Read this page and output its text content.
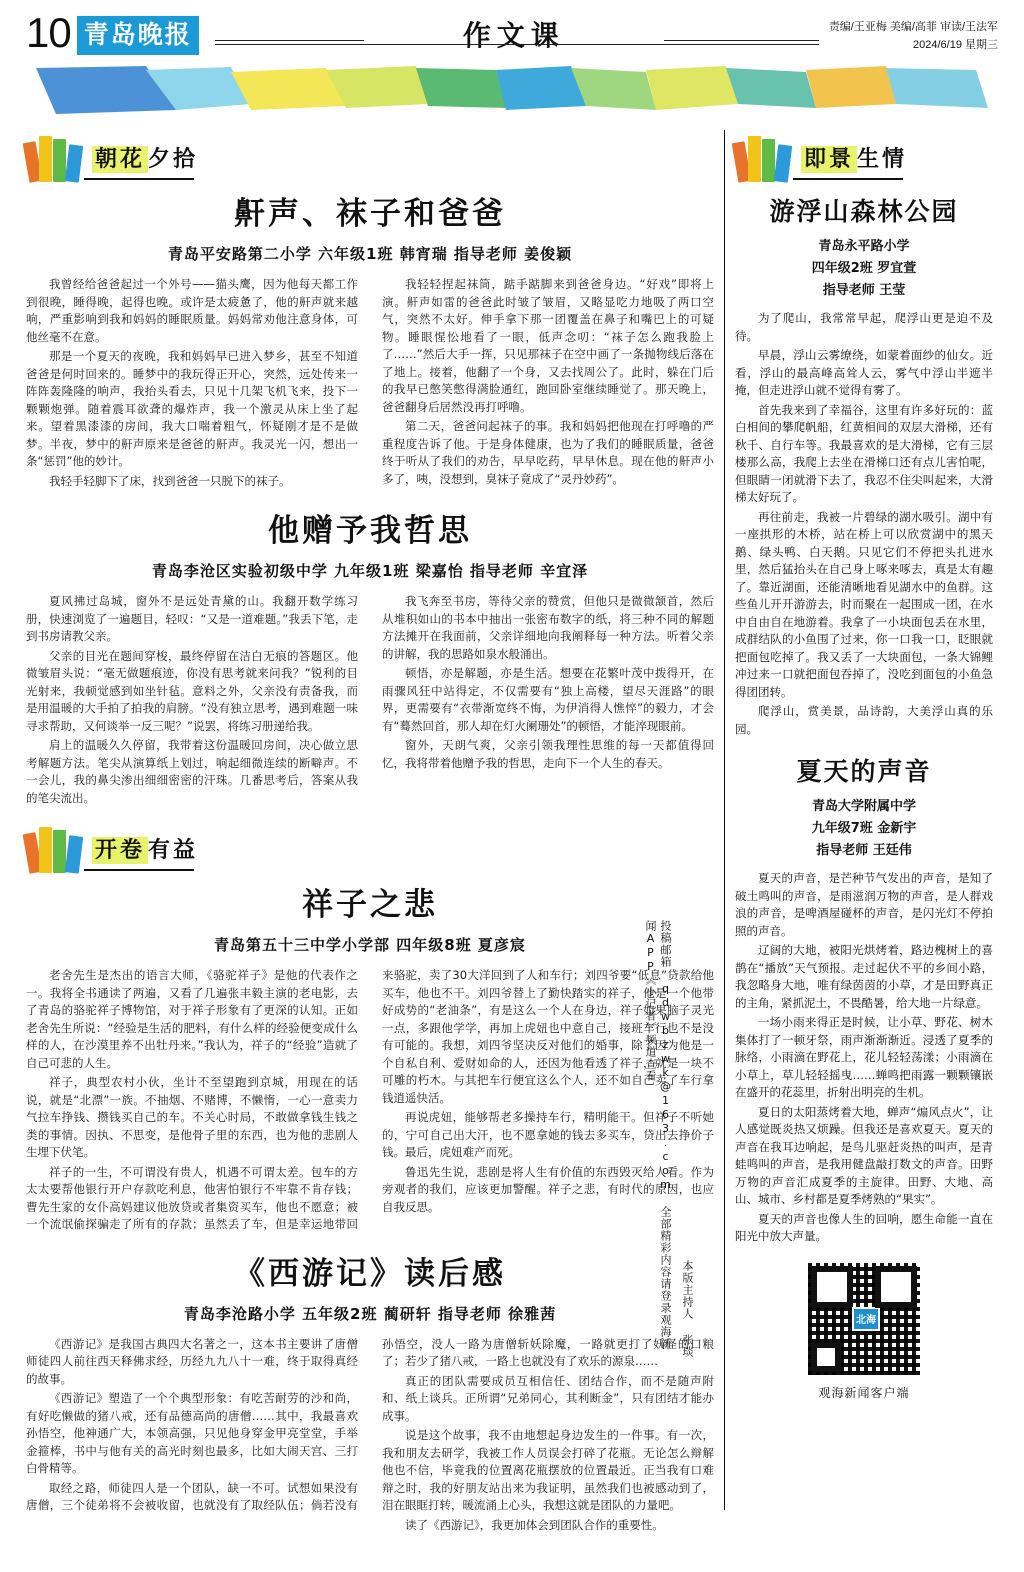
10 青岛晚报	作文课	责编/王亚梅 美编/高菲 审读/王法军
2024/6/19 星期三
朝花 夕拾
鼾声、袜子和爸爸
青岛平安路第二小学 六年级1班 韩宵瑞 指导老师 姜俊颖

我曾经给爸爸起过一个外号——猫头鹰，因为他每天都工作到很晚，睡得晚，起得也晚。或许是太疲惫了，他的鼾声就来越响，严重影响到我和妈妈的睡眠质量。妈妈常劝他注意身体，可他丝毫不在意。

那是一个夏天的夜晚，我和妈妈早已进入梦乡，甚至不知道爸爸是何时回来的。睡梦中的我玩得正开心，突然，远处传来一阵阵轰隆隆的响声，我抬头看去，只见十几架飞机飞来，投下一颗颗炮弹。随着震耳欲聋的爆炸声，我一个激灵从床上坐了起来。望着黑漆漆的房间，我大口喘着粗气，怀疑刚才是不是做梦。半夜，梦中的鼾声原来是爸爸的鼾声。我灵光一闪，想出一条“惩罚”他的妙计。

我轻手轻脚下了床，找到爸爸一只脱下的袜子。

我轻轻捏起袜筒，踮手踮脚来到爸爸身边。“好戏”即将上演。鼾声如雷的爸爸此时皱了皱眉，又略显吃力地吸了两口空气，突然不太好。伸手拿下那一团覆盖在鼻子和嘴巴上的可疑物。睡眼惺忪地看了一眼，低声念叨：“袜子怎么跑我脸上了……”然后大手一挥，只见那袜子在空中画了一条抛物线后落在了地上。接着，他翻了一个身，又去找周公了。此时，躲在门后的我早已憋笑憋得满脸通红，跑回卧室继续睡觉了。那天晚上，爸爸翻身后居然没再打呼噜。

第二天，爸爸问起袜子的事。我和妈妈把他现在打呼噜的严重程度告诉了他。于是身体健康，也为了我们的睡眠质量，爸爸终于听从了我们的劝告，早早吃药，早早休息。现在他的鼾声小多了，咦，没想到，臭袜子竟成了“灵丹妙药”。

他赠予我哲思
青岛李沧区实验初级中学 九年级1班 梁嘉怡 指导老师 辛宜泽

夏风拂过岛城，窗外不是远处青黛的山。我翻开数学练习册，快速浏览了一遍题目，轻叹：“又是一道难题。”我丢下笔，走到书房请教父亲。

父亲的目光在题间穿梭，最终停留在洁白无痕的答题区。他微皱眉头说：“毫无做题痕迹，你没有思考就来问我？”锐利的目光射来，我顿觉感到如坐针毡。意料之外，父亲没有责备我，而是用温暖的大手拍了拍我的肩膀。“没有独立思考，遇到难题一味寻求帮助，又何谈举一反三呢？”说罢，将练习册递给我。

肩上的温暖久久停留，我带着这份温暖回房间，决心做立思考解题方法。笔尖从演算纸上划过，响起细微连续的断噼声。不一会儿，我的鼻尖渗出细细密密的汗珠。几番思考后，答案从我的笔尖流出。

我飞奔至书房，等待父亲的赞赏，但他只是微微颔首，然后从堆积如山的书本中抽出一张密布数字的纸，将三种不同的解题方法摊开在我面前，父亲详细地向我阐释每一种方法。听着父亲的讲解，我的思路如泉水般涌出。

顿悟，亦是解题，亦是生活。想要在花繁叶茂中拨得开，在雨骤风狂中站得定，不仅需要有“独上高楼，望尽天涯路”的眼界，更需要有“衣带渐宽终不悔，为伊消得人憔悴”的毅力，才会有“蓦然回首，那人却在灯火阑珊处”的顿悟，才能淬现眼前。

窗外，天朗气爽，父亲引领我理性思维的每一天都值得回忆，我将带着他赠予我的哲思，走向下一个人生的春天。

开卷 有益
祥子之悲
青岛第五十三中学小学部 四年级8班 夏彦宸

老舍先生是杰出的语言大师，《骆驼祥子》是他的代表作之一。我将全书通读了两遍，又看了几遍张丰毅主演的老电影，去了青岛的骆驼祥子博物馆，对于祥子形象有了更深的认知。正如老舍先生所说：“经验是生活的肥料，有什么样的经验便变成什么样的人，在沙漠里养不出牡丹来。”我认为，祥子的“经验”造就了自己可悲的人生。

祥子，典型农村小伙，坐计不至望跑到京城，用现在的话说，就是“北漂”一族。不抽烟、不赌博，不懒惰，一心一意卖力气拉车挣钱、攒钱买自己的车。不关心时局，不敢做拿钱生钱之类的事情。因执、不思变，是他骨子里的东西，也为他的悲剧人生埋下伏笔。

祥子的一生，不可谓没有贵人，机遇不可谓太差。包车的方太太要帮他银行开户存款吃利息，他害怕银行不牢靠不肯存钱；曹先生家的女仆高妈建议他放贷或者集资买车，他也不愿意；被一个流氓偷探骗走了所有的存款；虽然丢了车，但是幸运地带回来骆驼，卖了30大洋回到了人和车行；刘四爷要“低息”贷款给他买车，他也不干。刘四爷替上了勤快踏实的祥子，他是一个他带好成势的“老油条”，有是这么一个人在身边，祥子如果脑子灵光一点，多跟他学学，再加上虎妞也中意自己，接班车行也不是没有可能的。我想，刘四爷坚决反对他们的婚事，除了因为他是一个自私自利、爱财如命的人，还因为他看透了祥子，就是一块不可雕的朽木。与其把车行便宜这么个人，还不如自己卖了车行拿钱逍遥快活。

再说虎妞，能够帮老多操持车行，精明能干。但祥子不听她的，宁可自己出大汗，也不愿拿她的钱去多买车，贷出去挣价子钱。最后，虎妞难产而死。

鲁迅先生说，悲剧是将人生有价值的东西毁灭给人看。作为旁观者的我们，应该更加警醒。祥子之悲，有时代的原因，也应自我反思。

《西游记》读后感
青岛李沧路小学 五年级2班 蔺研轩 指导老师 徐雅茜

《西游记》是我国古典四大名著之一，这本书主要讲了唐僧师徒四人前往西天释佛求经，历经九九八十一难，终于取得真经的故事。

《西游记》塑造了一个个典型形象：有吃苦耐劳的沙和尚，有好吃懒做的猪八戒，还有品德高尚的唐僧……其中，我最喜欢孙悟空，他神通广大，本领高强，只见他身穿金甲亮堂堂，手举金箍棒，书中与他有关的高光时刻也最多，比如大闹天宫、三打白骨精等。

取经之路，师徒四人是一个团队，缺一不可。试想如果没有唐僧，三个徒弟将不会被收留，也就没有了取经队伍；倘若没有孙悟空，没人一路为唐僧斩妖除魔，一路就更打了妖怪的口粮了；若少了猪八戒，一路上也就没有了欢乐的源泉……

真正的团队需要成员互相信任、团结合作，而不是随声附和、纸上谈兵。正所谓“兄弟同心，其利断金”，只有团结才能办成事。

说是这个故事，我不由地想起身边发生的一件事。有一次，我和朋友去研学，我被工作人员误会打碎了花瓶。无论怎么辩解他也不信，毕竟我的位置离花瓶摆放的位置最近。正当我有口难辩之时，我的好朋友站出来为我证明，虽然我们也被感动到了，泪在眼眶打转，暖流涌上心头，我想这就是团队的力量吧。

读了《西游记》，我更加体会到团队合作的重要性。

投稿邮箱 qdwbzwk@163.com 全部精彩内容请登录观海新闻APP《小记者》频道查看
本版主持人 张琰
即景 生情
游浮山森林公园
青岛永平路小学
四年级2班 罗宜萱
指导老师 王莹

为了爬山，我常常早起，爬浮山更是迫不及待。

早晨，浮山云雾缭绕，如蒙着面纱的仙女。近看，浮山的最高峰高耸人云，雾气中浮山半遮半掩，但走进浮山就不觉得有雾了。

首先我来到了幸福谷，这里有许多好玩的：蓝白相间的攀爬帆船，红黄相间的双层大滑梯，还有秋千、自行车等。我最喜欢的是大滑梯，它有三层楼那么高，我爬上去坐在滑梯口还有点儿害怕呢，但眼睛一闭就滑下去了，我忍不住尖叫起来，大滑梯太好玩了。

再往前走，我被一片碧绿的湖水吸引。湖中有一座拱形的木桥，站在桥上可以欣赏湖中的黑天鹅、绿头鸭、白天鹅。只见它们不停把头扎进水里，然后猛抬头在自己身上啄来啄去，真是太有趣了。靠近湖面，还能清晰地看见湖水中的鱼群。这些鱼儿开开游游去，时而聚在一起围成一团，在水中自由自在地游着。我拿了一小块面包丢在水里，成群结队的小鱼围了过来，你一口我一口，眨眼就把面包吃掉了。我又丢了一大块面包，一条大锦鲤冲过来一口就把面包吞掉了，没吃到面包的小鱼急得团团转。

爬浮山，赏美景，品诗韵，大美浮山真的乐园。

夏天的声音
青岛大学附属中学
九年级7班 金新宇
指导老师 王廷伟

夏天的声音，是芒种节气发出的声音，是知了破土鸣叫的声音，是雨滋润万物的声音，是人群戏浪的声音，是啤酒屋碰杯的声音，是闪光灯不停拍照的声音。

辽阔的大地，被阳光烘烤着，路边槐树上的喜鹊在“播放”天气预报。走过起伏不平的乡间小路，我忽略身大地，唯有绿茵茵的小草，才是田野真正的主角，紧抓泥土，不畏酷暑，给大地一片绿意。

一场小雨来得正是时候，让小草、野花、树木集体打了一顿牙祭，雨声渐渐渐近。浸透了夏季的脉络，小雨滴在野花上，花儿轻轻荡漾；小雨滴在小草上，草儿轻轻摇曳……蝉鸣把雨露一颗颗镶嵌在盛开的花蕊里，折射出明亮的生机。

夏日的太阳蒸烤着大地，蝉声“煽风点火”，让人感觉既炎热又烦躁。但我还是喜欢夏天。夏天的声音在我耳边响起，是鸟儿驱赶炎热的叫声，是青蛙鸣叫的声音，是我用健盘敲打数文的声音。田野万物的声音汇成夏季的主旋律。田野、大地、高山、城市、乡村都是夏季烤熟的“果实”。

夏天的声音也像人生的回响，愿生命能一直在阳光中放大声量。

北海
观海新闻客户端
